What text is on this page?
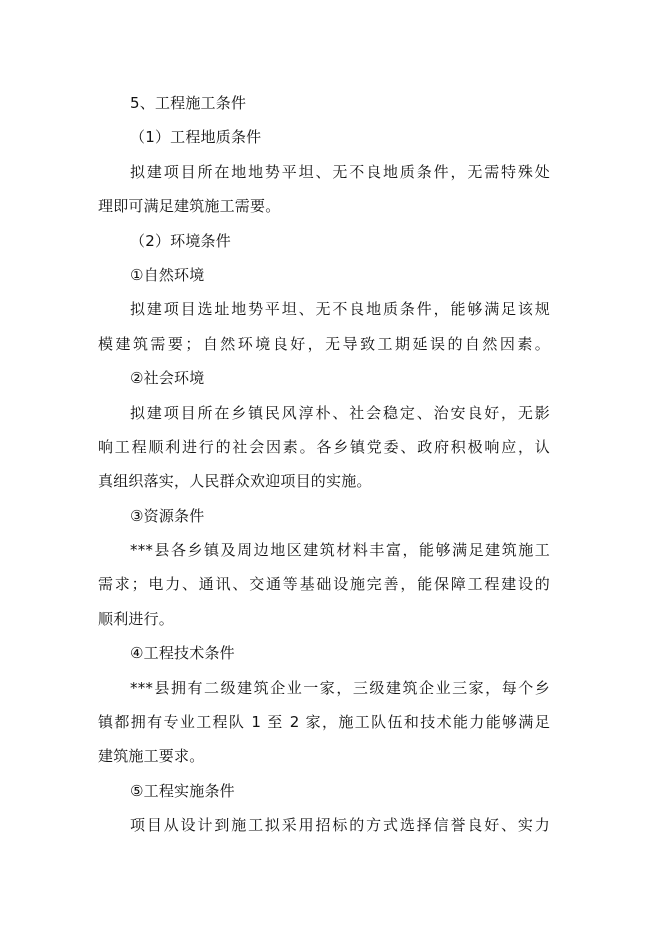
5、工程施工条件
（1）工程地质条件
拟建项目所在地地势平坦、无不良地质条件，无需特殊处
理即可满足建筑施工需要。
（2）环境条件
①自然环境
拟建项目选址地势平坦、无不良地质条件，能够满足该规
模建筑需要；自然环境良好，无导致工期延误的自然因素。
②社会环境
拟建项目所在乡镇民风淳朴、社会稳定、治安良好，无影
响工程顺利进行的社会因素。各乡镇党委、政府积极响应，认
真组织落实，人民群众欢迎项目的实施。
③资源条件
***县各乡镇及周边地区建筑材料丰富，能够满足建筑施工
需求；电力、通讯、交通等基础设施完善，能保障工程建设的
顺利进行。
④工程技术条件
***县拥有二级建筑企业一家，三级建筑企业三家，每个乡
镇都拥有专业工程队 1 至 2 家，施工队伍和技术能力能够满足
建筑施工要求。
⑤工程实施条件
项目从设计到施工拟采用招标的方式选择信誉良好、实力
